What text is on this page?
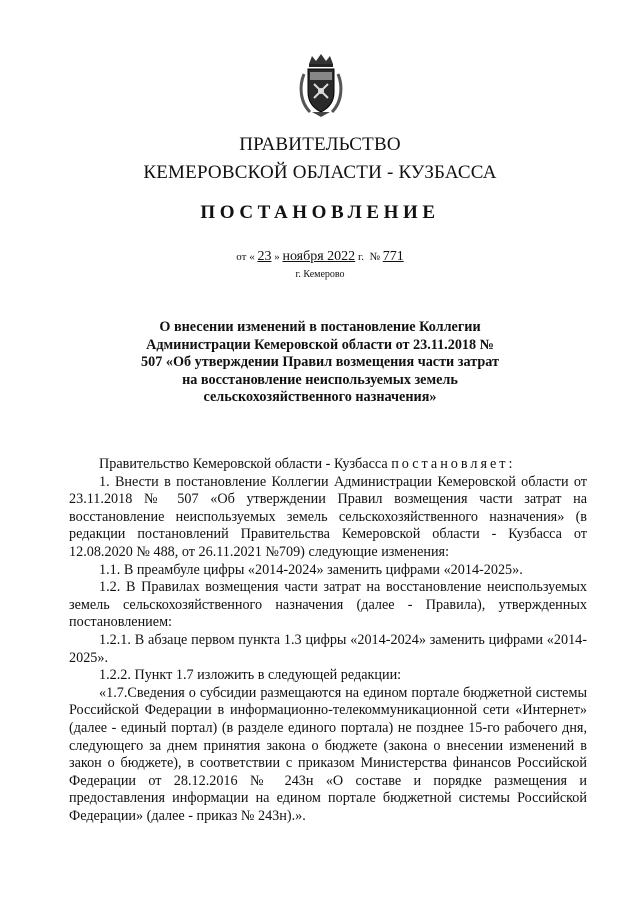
ПРАВИТЕЛЬСТВО
КЕМЕРОВСКОЙ ОБЛАСТИ - КУЗБАССА
ПОСТАНОВЛЕНИЕ
от « 23 » ноября 2022 г. № 771
г. Кемерово
О внесении изменений в постановление Коллегии Администрации Кемеровской области от 23.11.2018 № 507 «Об утверждении Правил возмещения части затрат на восстановление неиспользуемых земель сельскохозяйственного назначения»

Правительство Кемеровской области - Кузбасса постановляет:

1. Внести в постановление Коллегии Администрации Кемеровской области от 23.11.2018 № 507 «Об утверждении Правил возмещения части затрат на восстановление неиспользуемых земель сельскохозяйственного назначения» (в редакции постановлений Правительства Кемеровской области - Кузбасса от 12.08.2020 № 488, от 26.11.2021 №709) следующие изменения:

1.1. В преамбуле цифры «2014-2024» заменить цифрами «2014-2025».

1.2. В Правилах возмещения части затрат на восстановление неиспользуемых земель сельскохозяйственного назначения (далее - Правила), утвержденных постановлением:

1.2.1. В абзаце первом пункта 1.3 цифры «2014-2024» заменить цифрами «2014-2025».

1.2.2. Пункт 1.7 изложить в следующей редакции:

«1.7.Сведения о субсидии размещаются на едином портале бюджетной системы Российской Федерации в информационно-телекоммуникационной сети «Интернет» (далее - единый портал) (в разделе единого портала) не позднее 15-го рабочего дня, следующего за днем принятия закона о бюджете (закона о внесении изменений в закон о бюджете), в соответствии с приказом Министерства финансов Российской Федерации от 28.12.2016 № 243н «О составе и порядке размещения и предоставления информации на едином портале бюджетной системы Российской Федерации» (далее - приказ № 243н).».
